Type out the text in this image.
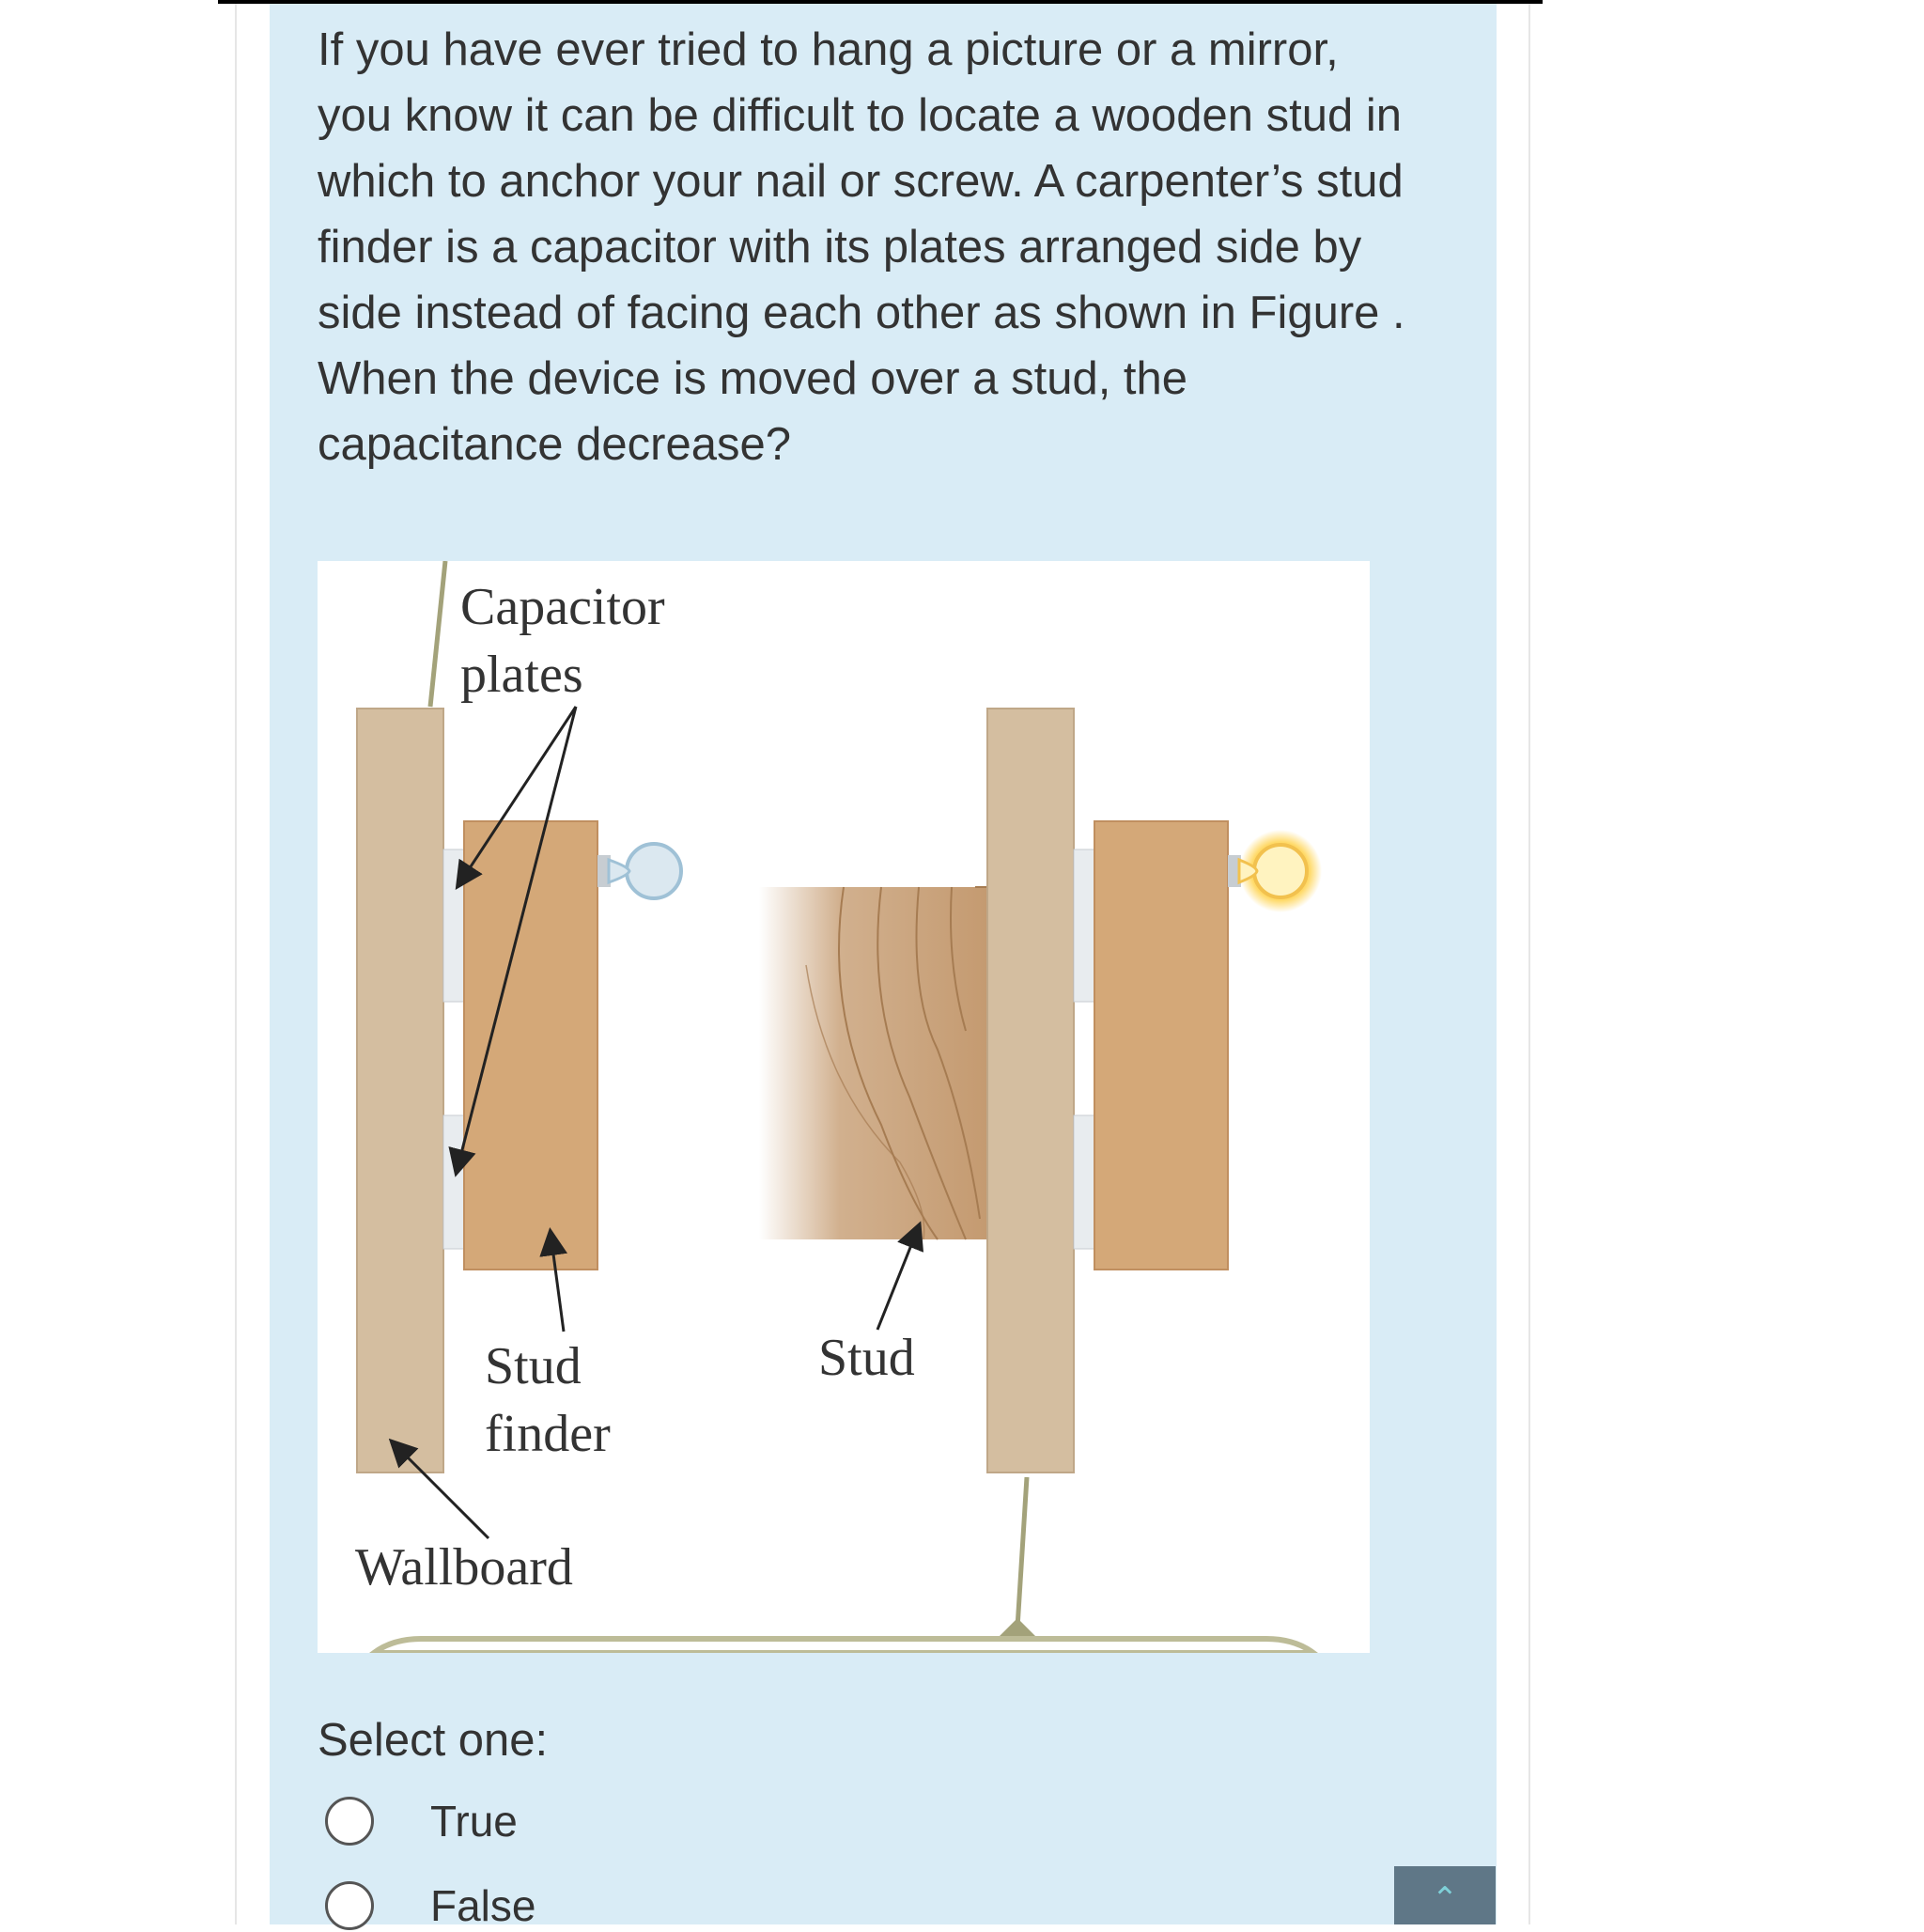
If you have ever tried to hang a picture or a mirror, you know it can be difficult to locate a wooden stud in which to anchor your nail or screw. A carpenter’s stud finder is a capacitor with its plates arranged side by side instead of facing each other as shown in Figure . When the device is moved over a stud, the capacitance decrease?

Capacitor

plates

Stud

finder

Stud

Wallboard

Select one:

True
False	⌃
